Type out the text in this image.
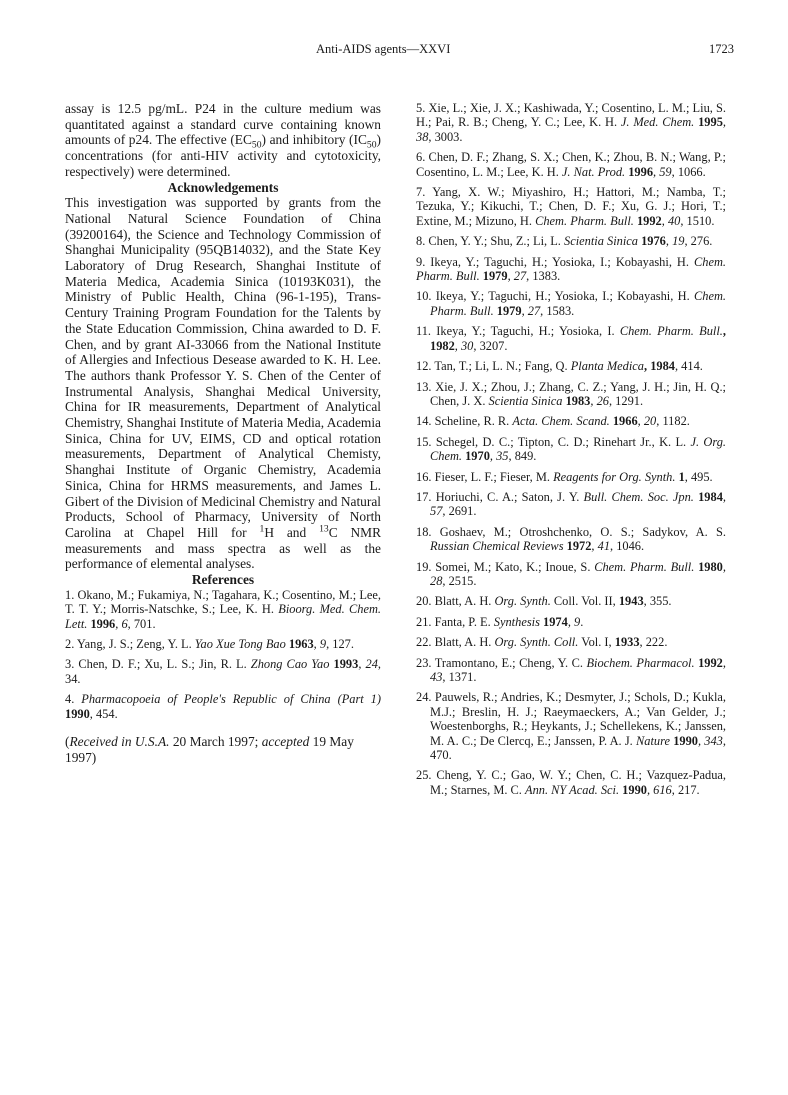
Anti-AIDS agents—XXVI	1723

assay is 12.5 pg/mL. P24 in the culture medium was quantitated against a standard curve containing known amounts of p24. The effective $(EC_{50})$ and inhibitory $(IC_{50})$ concentrations (for anti-HIV activity and cytotoxicity, respectively) were determined.

Acknowledgements

This investigation was supported by grants from the National Natural Science Foundation of China (39200164), the Science and Technology Commission of Shanghai Municipality (95QB14032), and the State Key Laboratory of Drug Research, Shanghai Institute of Materia Medica, Academia Sinica (10193K031), the Ministry of Public Health, China (96-1-195), Trans-Century Training Program Foundation for the Talents by the State Education Commission, China awarded to D. F. Chen, and by grant AI-33066 from the National Institute of Allergies and Infectious Desease awarded to K. H. Lee. The authors thank Professor Y. S. Chen of the Center of Instrumental Analysis, Shanghai Medical University, China for IR measurements, Department of Analytical Chemistry, Shanghai Institute of Materia Media, Academia Sinica, China for UV, EIMS, CD and optical rotation measurements, Department of Analytical Chemisty, Shanghai Institute of Organic Chemistry, Academia Sinica, China for HRMS measurements, and James L. Gibert of the Division of Medicinal Chemistry and Natural Products, School of Pharmacy, University of North Carolina at Chapel Hill for $^1$H and $^{13}$C NMR measurements and mass spectra as well as the performance of elemental analyses.

References

1. Okano, M.; Fukamiya, N.; Tagahara, K.; Cosentino, M.; Lee, T. T. Y.; Morris-Natschke, S.; Lee, K. H. Bioorg. Med. Chem. Lett. 1996, 6, 701.

2. Yang, J. S.; Zeng, Y. L. Yao Xue Tong Bao 1963, 9, 127.

3. Chen, D. F.; Xu, L. S.; Jin, R. L. Zhong Cao Yao 1993, 24, 34.

4. Pharmacopoeia of People's Republic of China (Part 1) 1990, 454.

(Received in U.S.A. 20 March 1997; accepted 19 May 1997)

5. Xie, L.; Xie, J. X.; Kashiwada, Y.; Cosentino, L. M.; Liu, S. H.; Pai, R. B.; Cheng, Y. C.; Lee, K. H. J. Med. Chem. 1995, 38, 3003.

6. Chen, D. F.; Zhang, S. X.; Chen, K.; Zhou, B. N.; Wang, P.; Cosentino, L. M.; Lee, K. H. J. Nat. Prod. 1996, 59, 1066.

7. Yang, X. W.; Miyashiro, H.; Hattori, M.; Namba, T.; Tezuka, Y.; Kikuchi, T.; Chen, D. F.; Xu, G. J.; Hori, T.; Extine, M.; Mizuno, H. Chem. Pharm. Bull. 1992, 40, 1510.

8. Chen, Y. Y.; Shu, Z.; Li, L. Scientia Sinica 1976, 19, 276.

9. Ikeya, Y.; Taguchi, H.; Yosioka, I.; Kobayashi, H. Chem. Pharm. Bull. 1979, 27, 1383.

10. Ikeya, Y.; Taguchi, H.; Yosioka, I.; Kobayashi, H. Chem. Pharm. Bull. 1979, 27, 1583.

11. Ikeya, Y.; Taguchi, H.; Yosioka, I. Chem. Pharm. Bull., 1982, 30, 3207.

12. Tan, T.; Li, L. N.; Fang, Q. Planta Medica, 1984, 414.

13. Xie, J. X.; Zhou, J.; Zhang, C. Z.; Yang, J. H.; Jin, H. Q.; Chen, J. X. Scientia Sinica 1983, 26, 1291.

14. Scheline, R. R. Acta. Chem. Scand. 1966, 20, 1182.

15. Schegel, D. C.; Tipton, C. D.; Rinehart Jr., K. L. J. Org. Chem. 1970, 35, 849.

16. Fieser, L. F.; Fieser, M. Reagents for Org. Synth. 1, 495.

17. Horiuchi, C. A.; Saton, J. Y. Bull. Chem. Soc. Jpn. 1984, 57, 2691.

18. Goshaev, M.; Otroshchenko, O. S.; Sadykov, A. S. Russian Chemical Reviews 1972, 41, 1046.

19. Somei, M.; Kato, K.; Inoue, S. Chem. Pharm. Bull. 1980, 28, 2515.

20. Blatt, A. H. Org. Synth. Coll. Vol. II, 1943, 355.

21. Fanta, P. E. Synthesis 1974, 9.

22. Blatt, A. H. Org. Synth. Coll. Vol. I, 1933, 222.

23. Tramontano, E.; Cheng, Y. C. Biochem. Pharmacol. 1992, 43, 1371.

24. Pauwels, R.; Andries, K.; Desmyter, J.; Schols, D.; Kukla, M.J.; Breslin, H. J.; Raeymaeckers, A.; Van Gelder, J.; Woestenborghs, R.; Heykants, J.; Schellekens, K.; Janssen, M. A. C.; De Clercq, E.; Janssen, P. A. J. Nature 1990, 343, 470.

25. Cheng, Y. C.; Gao, W. Y.; Chen, C. H.; Vazquez-Padua, M.; Starnes, M. C. Ann. NY Acad. Sci. 1990, 616, 217.
